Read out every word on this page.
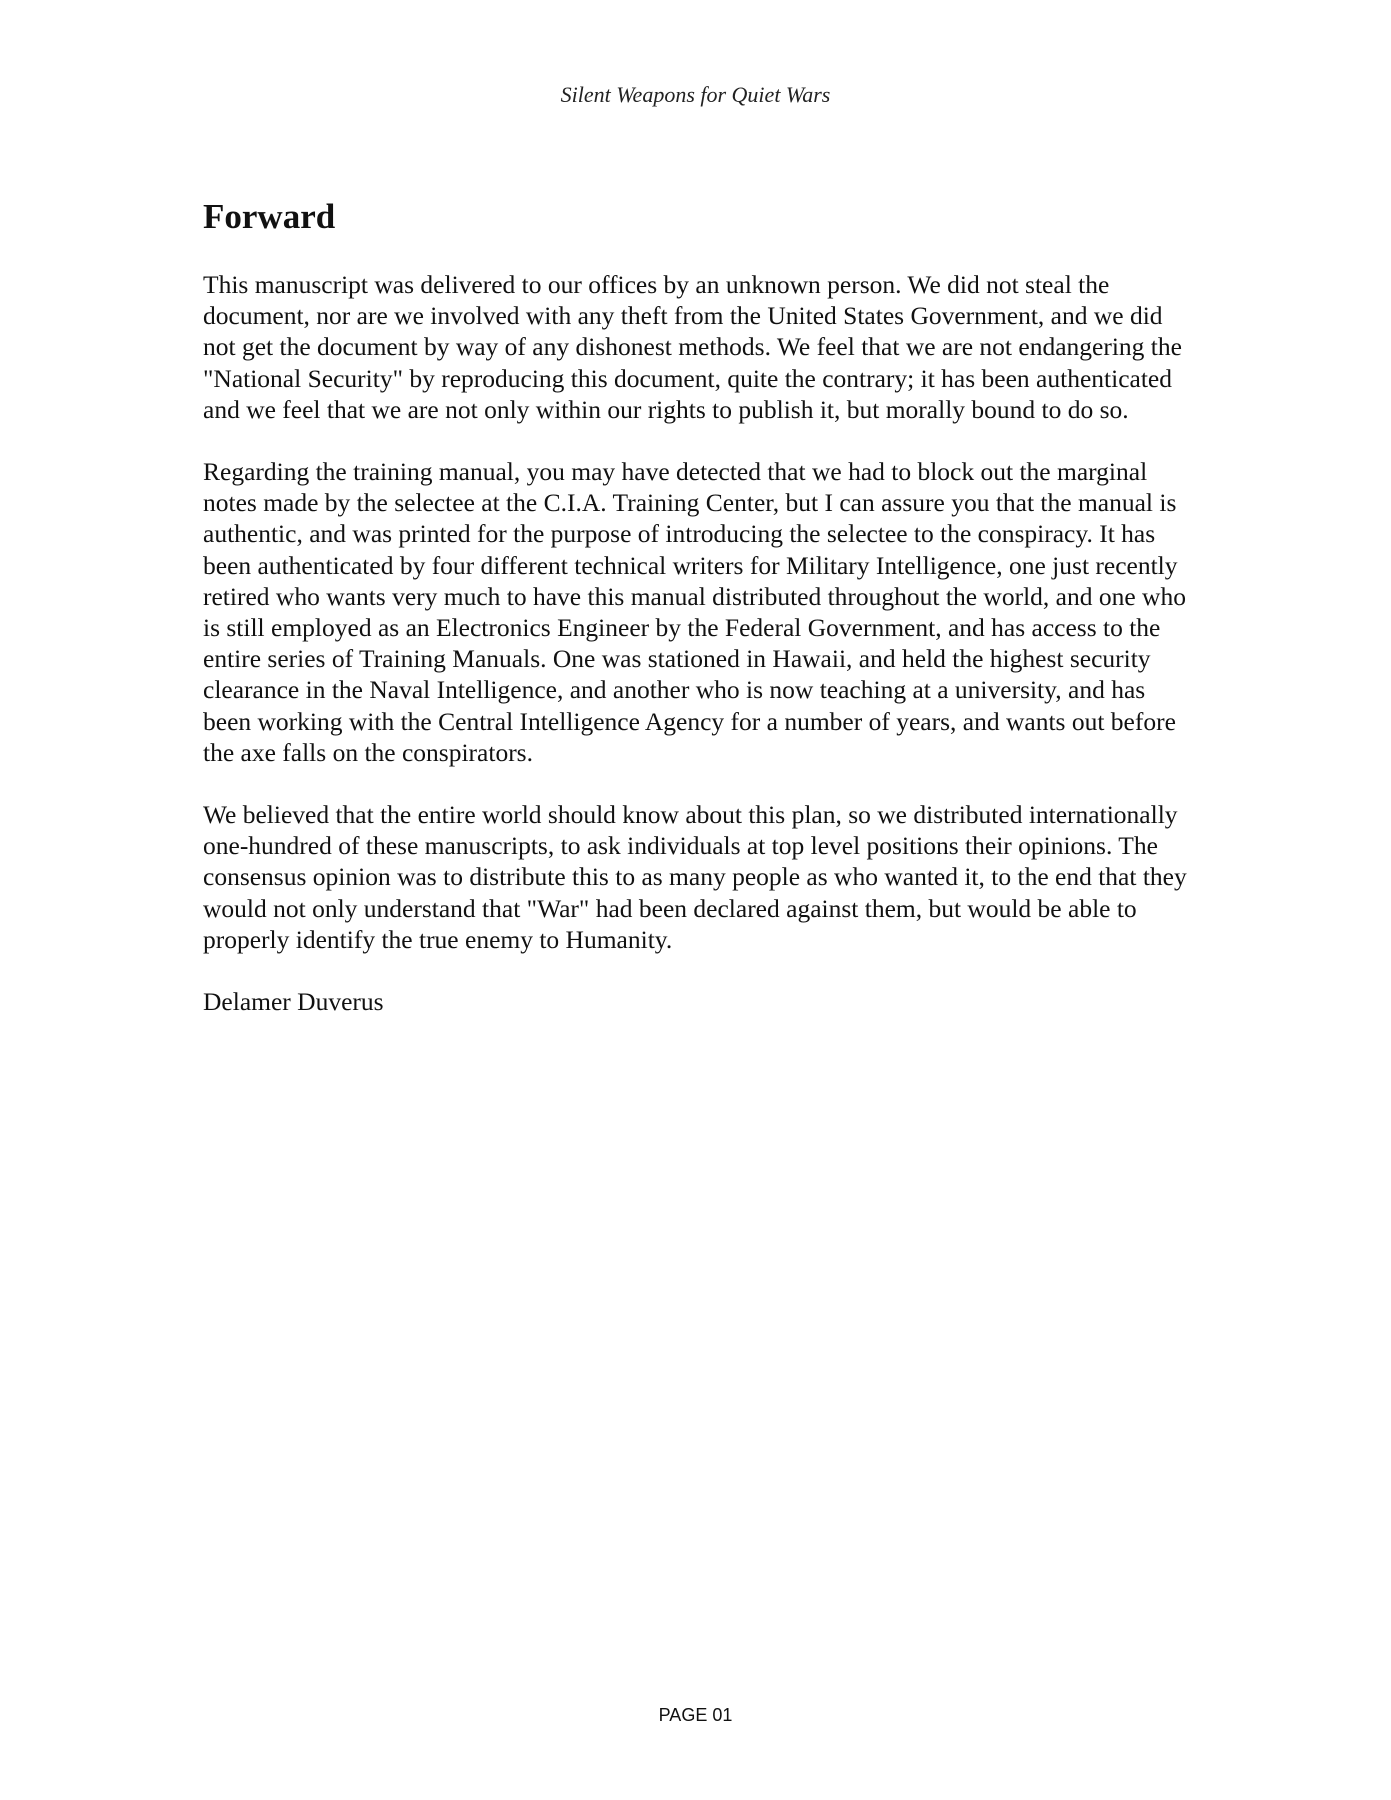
Silent Weapons for Quiet Wars
Forward

This manuscript was delivered to our offices by an unknown person. We did not steal the document, nor are we involved with any theft from the United States Government, and we did not get the document by way of any dishonest methods. We feel that we are not endangering the "National Security" by reproducing this document, quite the contrary; it has been authenticated and we feel that we are not only within our rights to publish it, but morally bound to do so.

Regarding the training manual, you may have detected that we had to block out the marginal notes made by the selectee at the C.I.A. Training Center, but I can assure you that the manual is authentic, and was printed for the purpose of introducing the selectee to the conspiracy. It has been authenticated by four different technical writers for Military Intelligence, one just recently retired who wants very much to have this manual distributed throughout the world, and one who is still employed as an Electronics Engineer by the Federal Government, and has access to the entire series of Training Manuals. One was stationed in Hawaii, and held the highest security clearance in the Naval Intelligence, and another who is now teaching at a university, and has been working with the Central Intelligence Agency for a number of years, and wants out before the axe falls on the conspirators.

We believed that the entire world should know about this plan, so we distributed internationally one-hundred of these manuscripts, to ask individuals at top level positions their opinions. The consensus opinion was to distribute this to as many people as who wanted it, to the end that they would not only understand that "War" had been declared against them, but would be able to properly identify the true enemy to Humanity.

Delamer Duverus

PAGE 01
